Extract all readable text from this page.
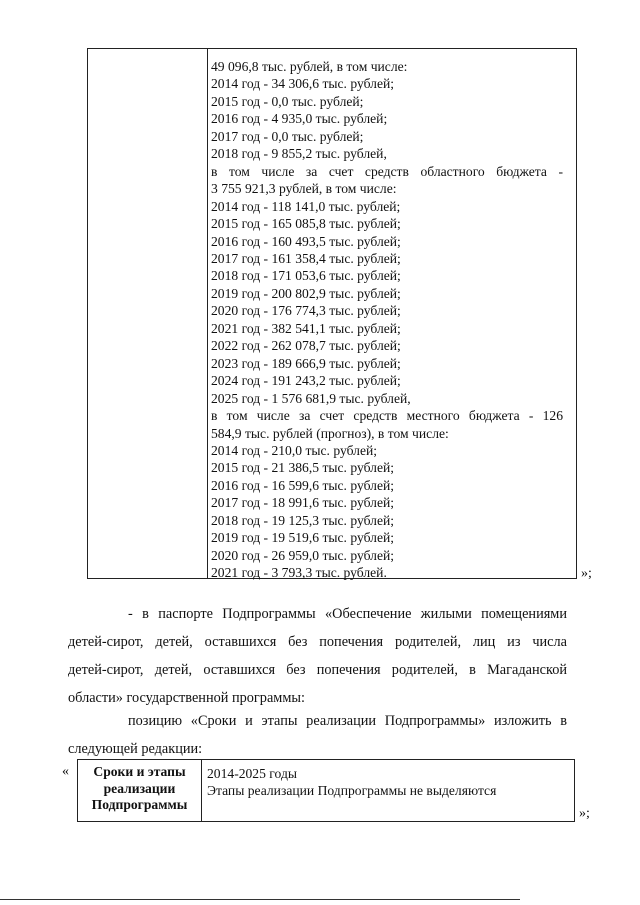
49 096,8 тыс. рублей, в том числе:
2014 год - 34 306,6 тыс. рублей;
2015 год - 0,0 тыс. рублей;
2016 год - 4 935,0 тыс. рублей;
2017 год - 0,0 тыс. рублей;
2018 год - 9 855,2 тыс. рублей,
в том числе за счет средств областного бюджета -
3 755 921,3 рублей, в том числе:
2014 год - 118 141,0 тыс. рублей;
2015 год - 165 085,8 тыс. рублей;
2016 год - 160 493,5 тыс. рублей;
2017 год - 161 358,4 тыс. рублей;
2018 год - 171 053,6 тыс. рублей;
2019 год - 200 802,9 тыс. рублей;
2020 год - 176 774,3 тыс. рублей;
2021 год - 382 541,1 тыс. рублей;
2022 год - 262 078,7 тыс. рублей;
2023 год - 189 666,9 тыс. рублей;
2024 год - 191 243,2 тыс. рублей;
2025 год - 1 576 681,9 тыс. рублей,
в том числе за счет средств местного бюджета - 126
584,9 тыс. рублей (прогноз), в том числе:
2014 год - 210,0 тыс. рублей;
2015 год - 21 386,5 тыс. рублей;
2016 год - 16 599,6 тыс. рублей;
2017 год - 18 991,6 тыс. рублей;
2018 год - 19 125,3 тыс. рублей;
2019 год - 19 519,6 тыс. рублей;
2020 год - 26 959,0 тыс. рублей;
2021 год - 3 793,3 тыс. рублей.	»;
- в паспорте Подпрограммы «Обеспечение жилыми помещениями
детей-сирот, детей, оставшихся без попечения родителей, лиц из числа
детей-сирот, детей, оставшихся без попечения родителей, в Магаданской
области» государственной программы:
позицию «Сроки и этапы реализации Подпрограммы» изложить в
следующей редакции:
«	Сроки и этапы
реализации
Подпрограммы
2014-2025 годы
Этапы реализации Подпрограммы не выделяются
»;
